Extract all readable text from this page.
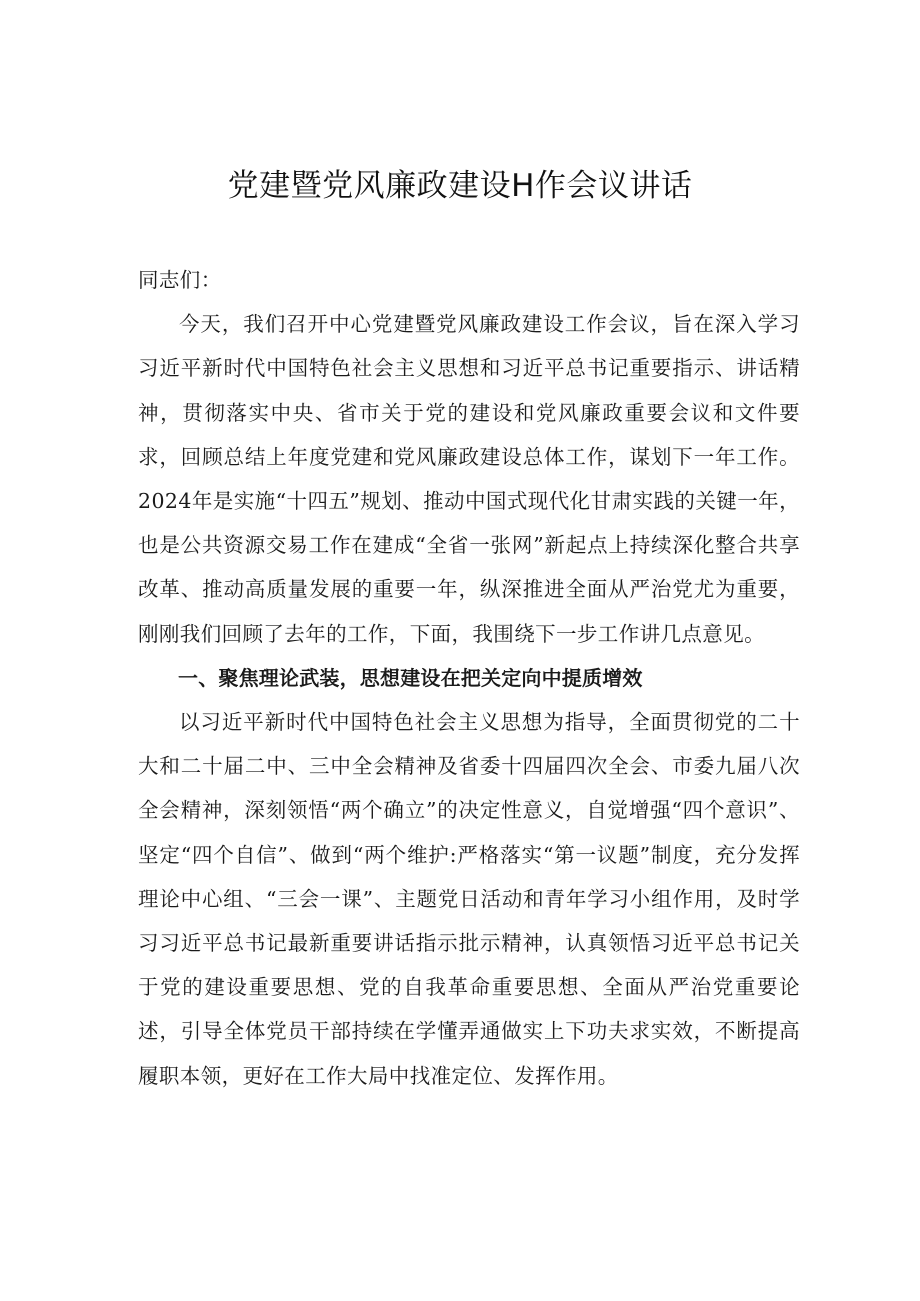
党建暨党风廉政建设H作会议讲话

同志们：

今天，我们召开中心党建暨党风廉政建设工作会议，旨在深入学习习近平新时代中国特色社会主义思想和习近平总书记重要指示、讲话精神，贯彻落实中央、省市关于党的建设和党风廉政重要会议和文件要求，回顾总结上年度党建和党风廉政建设总体工作，谋划下一年工作。2024年是实施“十四五”规划、推动中国式现代化甘肃实践的关键一年，也是公共资源交易工作在建成“全省一张网”新起点上持续深化整合共享改革、推动高质量发展的重要一年，纵深推进全面从严治党尤为重要，刚刚我们回顾了去年的工作，下面，我围绕下一步工作讲几点意见。

一、聚焦理论武装，思想建设在把关定向中提质增效

以习近平新时代中国特色社会主义思想为指导，全面贯彻党的二十大和二十届二中、三中全会精神及省委十四届四次全会、市委九届八次全会精神，深刻领悟“两个确立”的决定性意义，自觉增强“四个意识”、坚定“四个自信”、做到“两个维护:严格落实“第一议题”制度，充分发挥理论中心组、“三会一课”、主题党日活动和青年学习小组作用，及时学习习近平总书记最新重要讲话指示批示精神，认真领悟习近平总书记关于党的建设重要思想、党的自我革命重要思想、全面从严治党重要论述，引导全体党员干部持续在学懂弄通做实上下功夫求实效，不断提高履职本领，更好在工作大局中找准定位、发挥作用。
